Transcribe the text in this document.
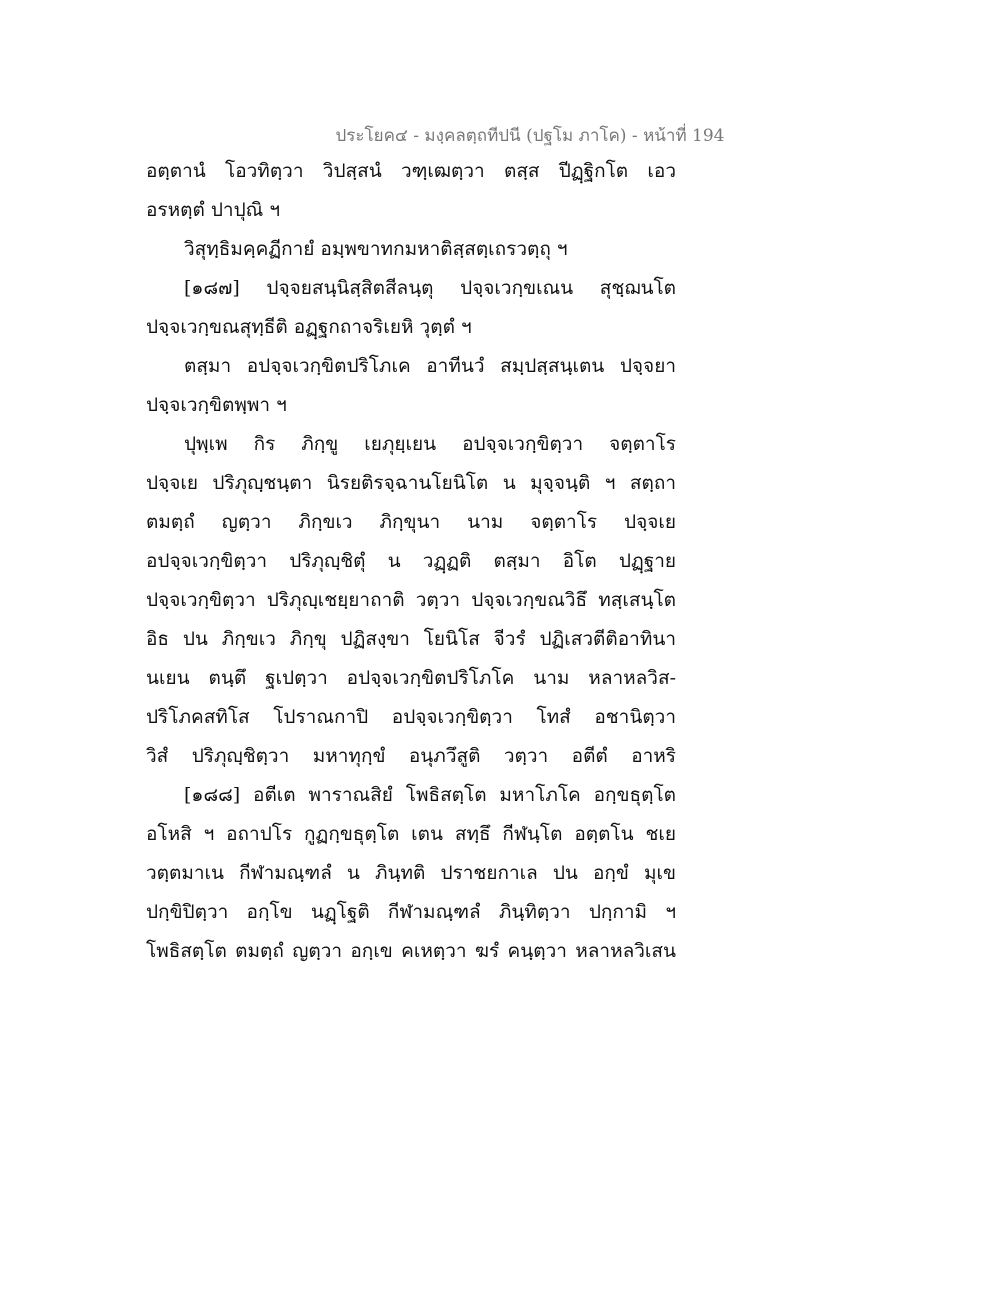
ประโยค๔ - มงฺคลตฺถทีปนี (ปฐโม ภาโค) - หน้าที่ 194
อตฺตานํ โอวทิตฺวา วิปสฺสนํ วฑฺเฒตฺวา ตสฺส ปีฏฺฐิกโต เอว
อรหตฺตํ ปาปุณิ ฯ
วิสุทฺธิมคฺคฏีกายํ อมฺพขาทกมหาติสฺสตฺเถรวตฺถุ ฯ
[๑๘๗] ปจฺจยสนฺนิสฺสิตสีลนฺตุ ปจฺจเวกฺขเณน สุชฺฌนโต
ปจฺจเวกฺขณสุทฺธีติ อฏฺฐกถาจริเยหิ วุตฺตํ ฯ
ตสฺมา อปจฺจเวกฺขิตปริโภเค อาทีนวํ สมฺปสฺสนฺเตน ปจฺจยา
ปจฺจเวกฺขิตพฺพา ฯ
ปุพฺเพ กิร ภิกฺขู เยภุยฺเยน อปจฺจเวกฺขิตฺวา จตฺตาโร
ปจฺจเย ปริภุญฺชนฺตา นิรยติรจฺฉานโยนิโต น มุจฺจนฺติ ฯ สตฺถา
ตมตฺถํ ญตฺวา ภิกฺขเว ภิกฺขุนา นาม จตฺตาโร ปจฺจเย
อปจฺจเวกฺขิตฺวา ปริภุญฺชิตุํ น วฏฺฏติ ตสฺมา อิโต ปฏฺฐาย
ปจฺจเวกฺขิตฺวา ปริภุญฺเชยฺยาถาติ วตฺวา ปจฺจเวกฺขณวิธึ ทสฺเสนฺโต
อิธ ปน ภิกฺขเว ภิกฺขุ ปฏิสงฺขา โยนิโส จีวรํ ปฏิเสวตีติอาทินา
นเยน ตนฺตึ ฐเปตฺวา อปจฺจเวกฺขิตปริโภโค นาม หลาหลวิส-
ปริโภคสทิโส โปราณกาปิ อปจฺจเวกฺขิตฺวา โทสํ อชานิตฺวา
วิสํ ปริภุญฺชิตฺวา มหาทุกฺขํ อนุภวึสูติ วตฺวา อตีตํ อาหริ
[๑๘๘] อตีเต พาราณสิยํ โพธิสตฺโต มหาโภโค อกฺขธุตฺโต
อโหสิ ฯ อถาปโร กูฏกฺขธุตฺโต เตน สทฺธึ กีฬนฺโต อตฺตโน ชเย
วตฺตมาเน กีฬามณฺฑลํ น ภินฺทติ ปราชยกาเล ปน อกฺขํ มุเข
ปกฺขิปิตฺวา อกฺโข นฏฺโฐติ กีฬามณฺฑลํ ภินฺทิตฺวา ปกฺกามิ ฯ
โพธิสตฺโต ตมตฺถํ ญตฺวา อกฺเข คเหตฺวา ฆรํ คนฺตฺวา หลาหลวิเสน
